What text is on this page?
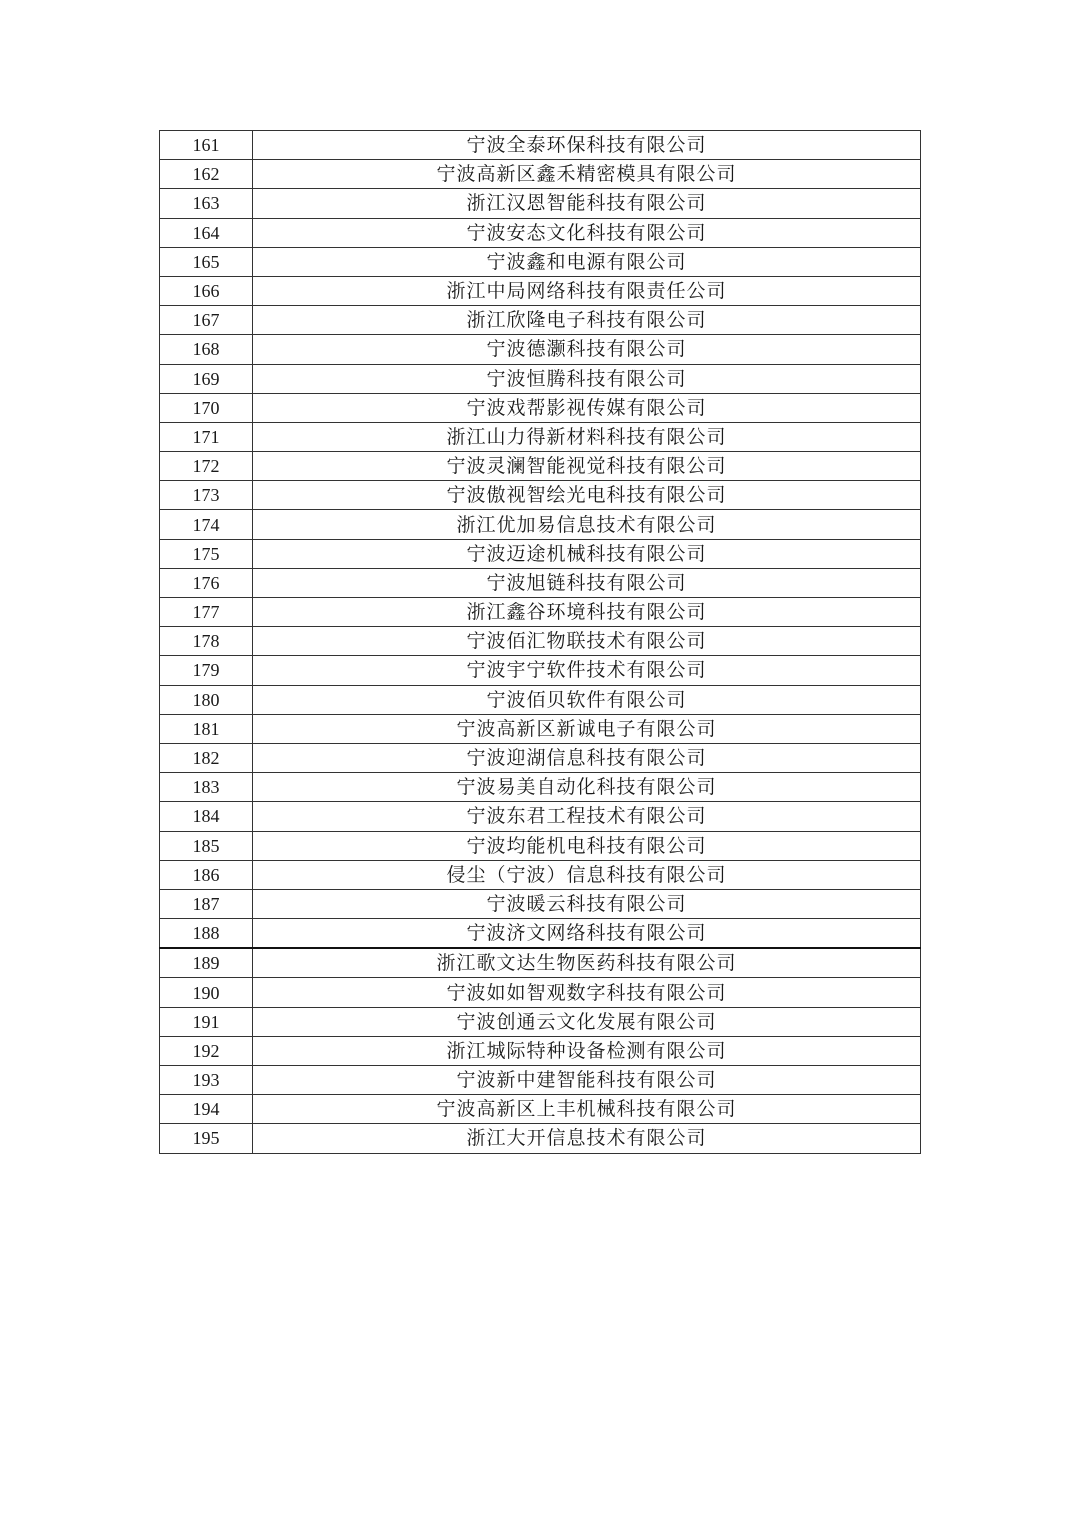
161	宁波全泰环保科技有限公司
162	宁波高新区鑫禾精密模具有限公司
163	浙江汉恩智能科技有限公司
164	宁波安态文化科技有限公司
165	宁波鑫和电源有限公司
166	浙江中局网络科技有限责任公司
167	浙江欣隆电子科技有限公司
168	宁波德灏科技有限公司
169	宁波恒腾科技有限公司
170	宁波戏帮影视传媒有限公司
171	浙江山力得新材料科技有限公司
172	宁波灵澜智能视觉科技有限公司
173	宁波傲视智绘光电科技有限公司
174	浙江优加易信息技术有限公司
175	宁波迈途机械科技有限公司
176	宁波旭链科技有限公司
177	浙江鑫谷环境科技有限公司
178	宁波佰汇物联技术有限公司
179	宁波宇宁软件技术有限公司
180	宁波佰贝软件有限公司
181	宁波高新区新诚电子有限公司
182	宁波迎湖信息科技有限公司
183	宁波易美自动化科技有限公司
184	宁波东君工程技术有限公司
185	宁波均能机电科技有限公司
186	侵尘（宁波）信息科技有限公司
187	宁波暖云科技有限公司
188	宁波济文网络科技有限公司
189	浙江歌文达生物医药科技有限公司
190	宁波如如智观数字科技有限公司
191	宁波创通云文化发展有限公司
192	浙江城际特种设备检测有限公司
193	宁波新中建智能科技有限公司
194	宁波高新区上丰机械科技有限公司
195	浙江大开信息技术有限公司
